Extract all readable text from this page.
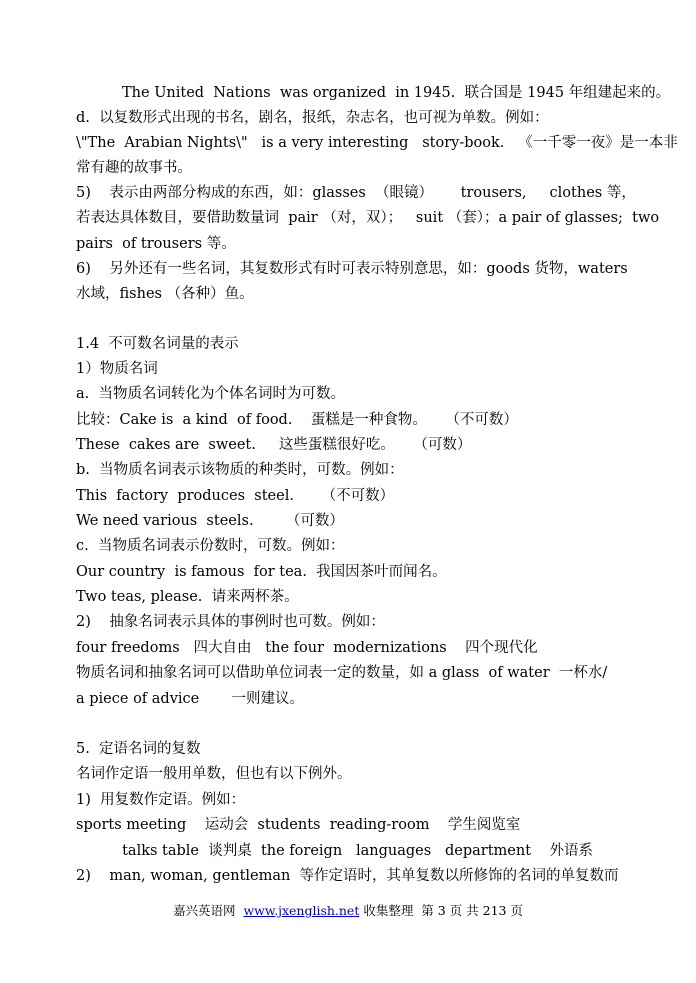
The United  Nations  was organized  in 1945.  联合国是 1945 年组建起来的。
d.  以复数形式出现的书名，剧名，报纸，杂志名，也可视为单数。例如：
\"The  Arabian Nights\"   is a very interesting   story-book.   《一千零一夜》是一本非
常有趣的故事书。
5)    表示由两部分构成的东西，如：glasses  （眼镜）      trousers,     clothes 等，
若表达具体数目，要借助数量词  pair （对，双）；   suit （套）；a pair of glasses;  two
pairs  of trousers 等。
6)    另外还有一些名词，其复数形式有时可表示特别意思，如：goods 货物，waters
水域，fishes （各种）鱼。
1.4  不可数名词量的表示
1）物质名词
a.  当物质名词转化为个体名词时为可数。
比较：Cake is  a kind  of food.    蛋糕是一种食物。    （不可数）
These  cakes are  sweet.     这些蛋糕很好吃。    （可数）
b.  当物质名词表示该物质的种类时，可数。例如：
This  factory  produces  steel.      （不可数）
We need various  steels.       （可数）
c.  当物质名词表示份数时，可数。例如：
Our country  is famous  for tea.  我国因茶叶而闻名。
Two teas, please.  请来两杯茶。
2)    抽象名词表示具体的事例时也可数。例如：
four freedoms   四大自由   the four  modernizations    四个现代化
物质名词和抽象名词可以借助单位词表一定的数量，如 a glass  of water  一杯水/
a piece of advice       一则建议。
5.  定语名词的复数
名词作定语一般用单数，但也有以下例外。
1)  用复数作定语。例如：
sports meeting    运动会  students  reading-room    学生阅览室
talks table  谈判桌  the foreign   languages   department    外语系
2)    man, woman, gentleman  等作定语时，其单复数以所修饰的名词的单复数而
嘉兴英语网 www.jxenglish.net 收集整理  第 3 页 共 213 页
